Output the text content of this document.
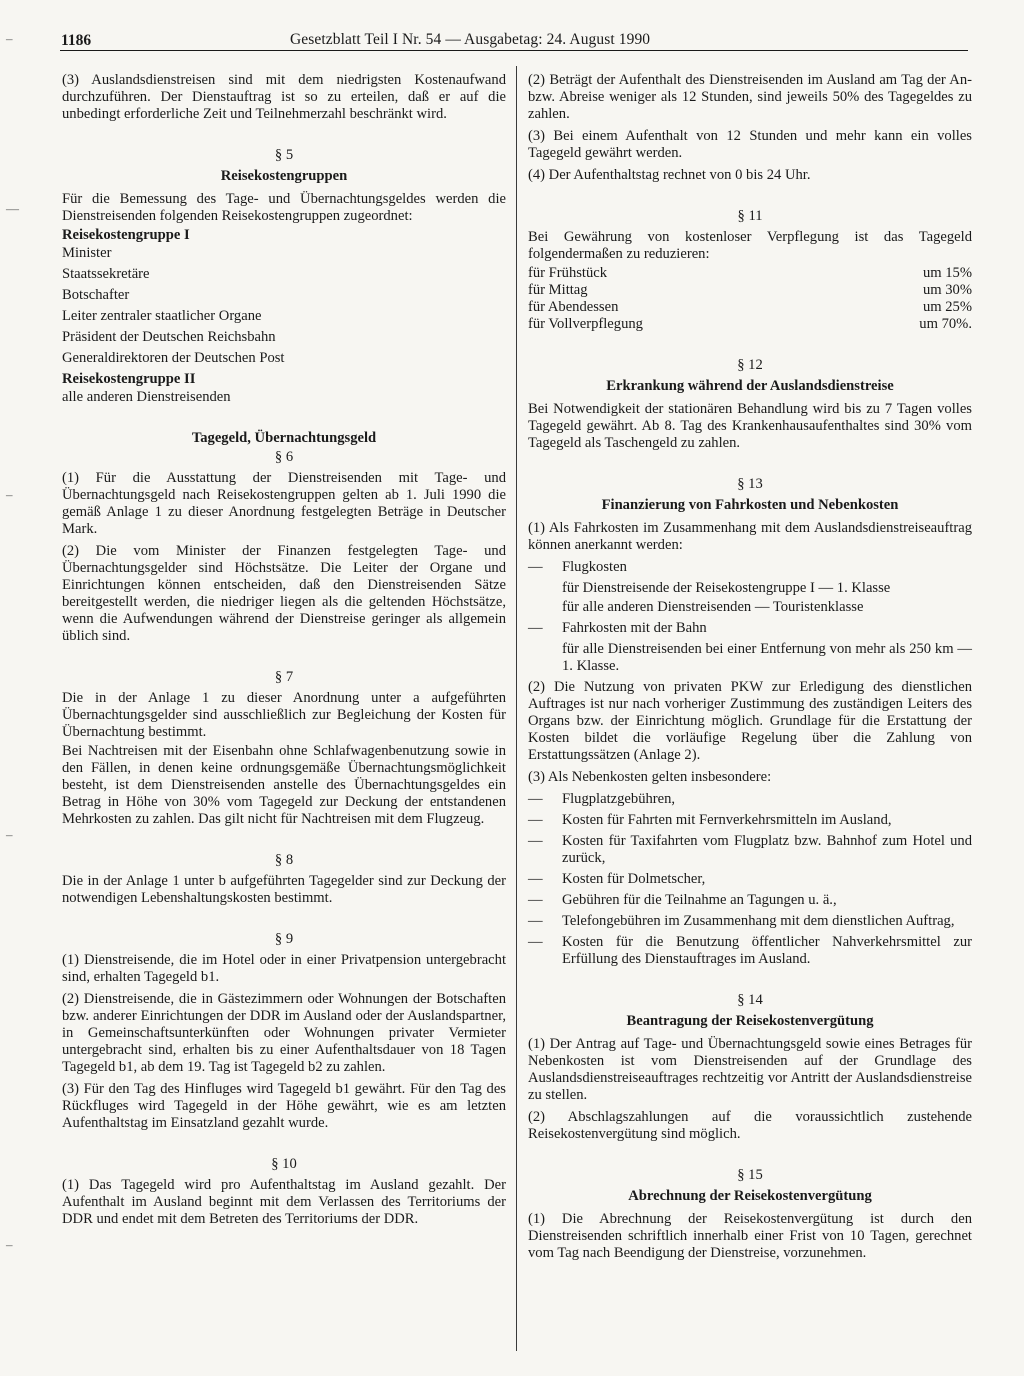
1186	Gesetzblatt Teil I Nr. 54 — Ausgabetag: 24. August 1990
–
—
–
–
–

(3) Auslandsdienstreisen sind mit dem niedrigsten Kostenaufwand durchzuführen. Der Dienstauftrag ist so zu erteilen, daß er auf die unbedingt erforderliche Zeit und Teilnehmerzahl beschränkt wird.

§ 5
Reisekostengruppen

Für die Bemessung des Tage- und Übernachtungsgeldes werden die Dienstreisenden folgenden Reisekostengruppen zugeordnet:

Reisekostengruppe I
Minister
Staatssekretäre
Botschafter
Leiter zentraler staatlicher Organe
Präsident der Deutschen Reichsbahn
Generaldirektoren der Deutschen Post
Reisekostengruppe II
alle anderen Dienstreisenden
Tagegeld, Übernachtungsgeld
§ 6

(1) Für die Ausstattung der Dienstreisenden mit Tage- und Übernachtungsgeld nach Reisekostengruppen gelten ab 1. Juli 1990 die gemäß Anlage 1 zu dieser Anordnung festgelegten Beträge in Deutscher Mark.

(2) Die vom Minister der Finanzen festgelegten Tage- und Übernachtungsgelder sind Höchstsätze. Die Leiter der Organe und Einrichtungen können entscheiden, daß den Dienstreisenden Sätze bereitgestellt werden, die niedriger liegen als die geltenden Höchstsätze, wenn die Aufwendungen während der Dienstreise geringer als allgemein üblich sind.

§ 7

Die in der Anlage 1 zu dieser Anordnung unter a aufgeführten Übernachtungsgelder sind ausschließlich zur Begleichung der Kosten für Übernachtung bestimmt.

Bei Nachtreisen mit der Eisenbahn ohne Schlafwagenbenutzung sowie in den Fällen, in denen keine ordnungsgemäße Übernachtungsmöglichkeit besteht, ist dem Dienstreisenden anstelle des Übernachtungsgeldes ein Betrag in Höhe von 30% vom Tagegeld zur Deckung der entstandenen Mehrkosten zu zahlen. Das gilt nicht für Nachtreisen mit dem Flugzeug.

§ 8

Die in der Anlage 1 unter b aufgeführten Tagegelder sind zur Deckung der notwendigen Lebenshaltungskosten bestimmt.

§ 9

(1) Dienstreisende, die im Hotel oder in einer Privatpension untergebracht sind, erhalten Tagegeld b1.

(2) Dienstreisende, die in Gästezimmern oder Wohnungen der Botschaften bzw. anderer Einrichtungen der DDR im Ausland oder der Auslandspartner, in Gemeinschaftsunterkünften oder Wohnungen privater Vermieter untergebracht sind, erhalten bis zu einer Aufenthaltsdauer von 18 Tagen Tagegeld b1, ab dem 19. Tag ist Tagegeld b2 zu zahlen.

(3) Für den Tag des Hinfluges wird Tagegeld b1 gewährt. Für den Tag des Rückfluges wird Tagegeld in der Höhe gewährt, wie es am letzten Aufenthaltstag im Einsatzland gezahlt wurde.

§ 10

(1) Das Tagegeld wird pro Aufenthaltstag im Ausland gezahlt. Der Aufenthalt im Ausland beginnt mit dem Verlassen des Territoriums der DDR und endet mit dem Betreten des Territoriums der DDR.

(2) Beträgt der Aufenthalt des Dienstreisenden im Ausland am Tag der An- bzw. Abreise weniger als 12 Stunden, sind jeweils 50% des Tagegeldes zu zahlen.

(3) Bei einem Aufenthalt von 12 Stunden und mehr kann ein volles Tagegeld gewährt werden.

(4) Der Aufenthaltstag rechnet von 0 bis 24 Uhr.

§ 11

Bei Gewährung von kostenloser Verpflegung ist das Tagegeld folgendermaßen zu reduzieren:

für Frühstück	um 15%
für Mittag	um 30%
für Abendessen	um 25%
für Vollverpflegung	um 70%.
§ 12
Erkrankung während der Auslandsdienstreise

Bei Notwendigkeit der stationären Behandlung wird bis zu 7 Tagen volles Tagegeld gewährt. Ab 8. Tag des Krankenhausaufenthaltes sind 30% vom Tagegeld als Taschengeld zu zahlen.

§ 13
Finanzierung von Fahrkosten und Nebenkosten

(1) Als Fahrkosten im Zusammenhang mit dem Auslandsdienstreiseauftrag können anerkannt werden:

—	Flugkosten
für Dienstreisende der Reisekostengruppe I — 1. Klasse
für alle anderen Dienstreisenden — Touristenklasse
—	Fahrkosten mit der Bahn
für alle Dienstreisenden bei einer Entfernung von mehr als 250 km — 1. Klasse.

(2) Die Nutzung von privaten PKW zur Erledigung des dienstlichen Auftrages ist nur nach vorheriger Zustimmung des zuständigen Leiters des Organs bzw. der Einrichtung möglich. Grundlage für die Erstattung der Kosten bildet die vorläufige Regelung über die Zahlung von Erstattungssätzen (Anlage 2).

(3) Als Nebenkosten gelten insbesondere:

—	Flugplatzgebühren,
—	Kosten für Fahrten mit Fernverkehrsmitteln im Ausland,
—	Kosten für Taxifahrten vom Flugplatz bzw. Bahnhof zum Hotel und zurück,
—	Kosten für Dolmetscher,
—	Gebühren für die Teilnahme an Tagungen u. ä.,
—	Telefongebühren im Zusammenhang mit dem dienstlichen Auftrag,
—	Kosten für die Benutzung öffentlicher Nahverkehrsmittel zur Erfüllung des Dienstauftrages im Ausland.
§ 14
Beantragung der Reisekostenvergütung

(1) Der Antrag auf Tage- und Übernachtungsgeld sowie eines Betrages für Nebenkosten ist vom Dienstreisenden auf der Grundlage des Auslandsdienstreiseauftrages rechtzeitig vor Antritt der Auslandsdienstreise zu stellen.

(2) Abschlagszahlungen auf die voraussichtlich zustehende Reisekostenvergütung sind möglich.

§ 15
Abrechnung der Reisekostenvergütung

(1) Die Abrechnung der Reisekostenvergütung ist durch den Dienstreisenden schriftlich innerhalb einer Frist von 10 Tagen, gerechnet vom Tag nach Beendigung der Dienstreise, vorzunehmen.
